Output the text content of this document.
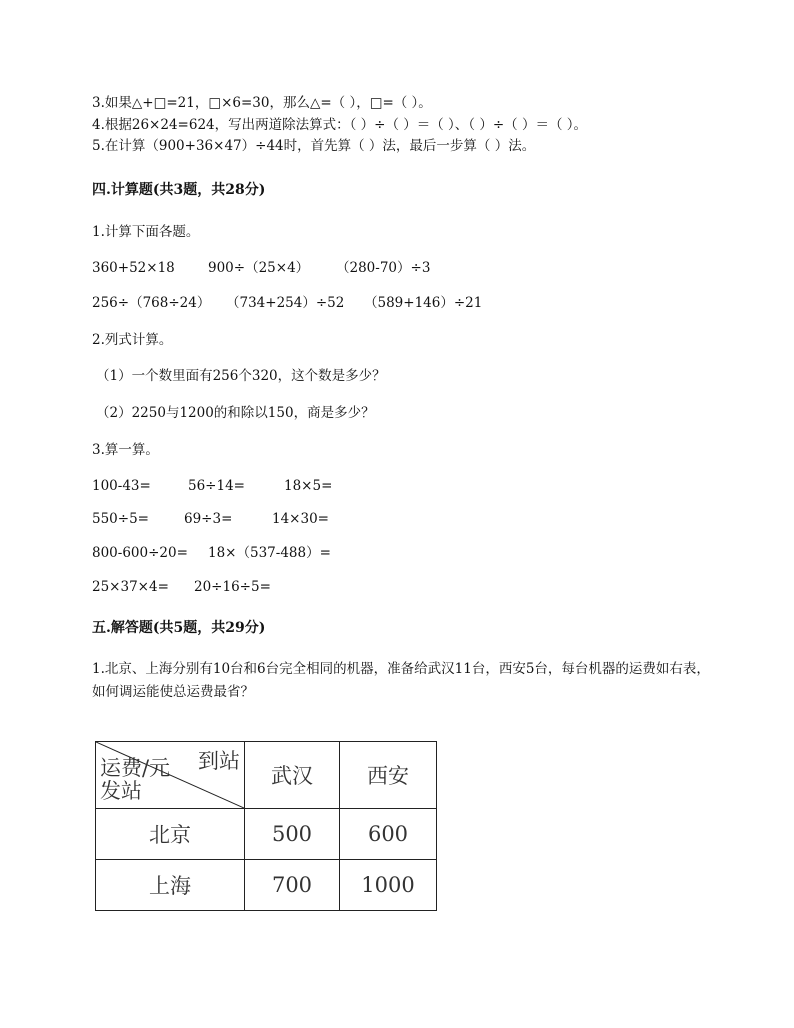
3.如果△+□=21，□×6=30，那么△=（ ），□=（ ）。
4.根据26×24=624，写出两道除法算式：（ ）÷（ ）＝（ ）、（ ）÷（ ）＝（ ）。
5.在计算（900+36×47）÷44时，首先算（ ）法，最后一步算（ ）法。
四.计算题(共3题，共28分)
1.计算下面各题。
360+52×18 900÷（25×4） （280-70）÷3
256÷（768÷24） （734+254）÷52 （589+146）÷21
2.列式计算。
（1）一个数里面有256个320，这个数是多少？
（2）2250与1200的和除以150，商是多少？
3.算一算。
100-43=	56÷14=	18×5=
550÷5=	69÷3=	14×30=
800-600÷20= 18×（537-488）=
25×37×4= 20÷16÷5=
五.解答题(共5题，共29分)
1.北京、上海分别有10台和6台完全相同的机器，准备给武汉11台，西安5台，每台机器的运费如右表，如何调运能使总运费最省？
到站
运费/元
发站	武汉	西安
北京	500	600
上海	700	1000
